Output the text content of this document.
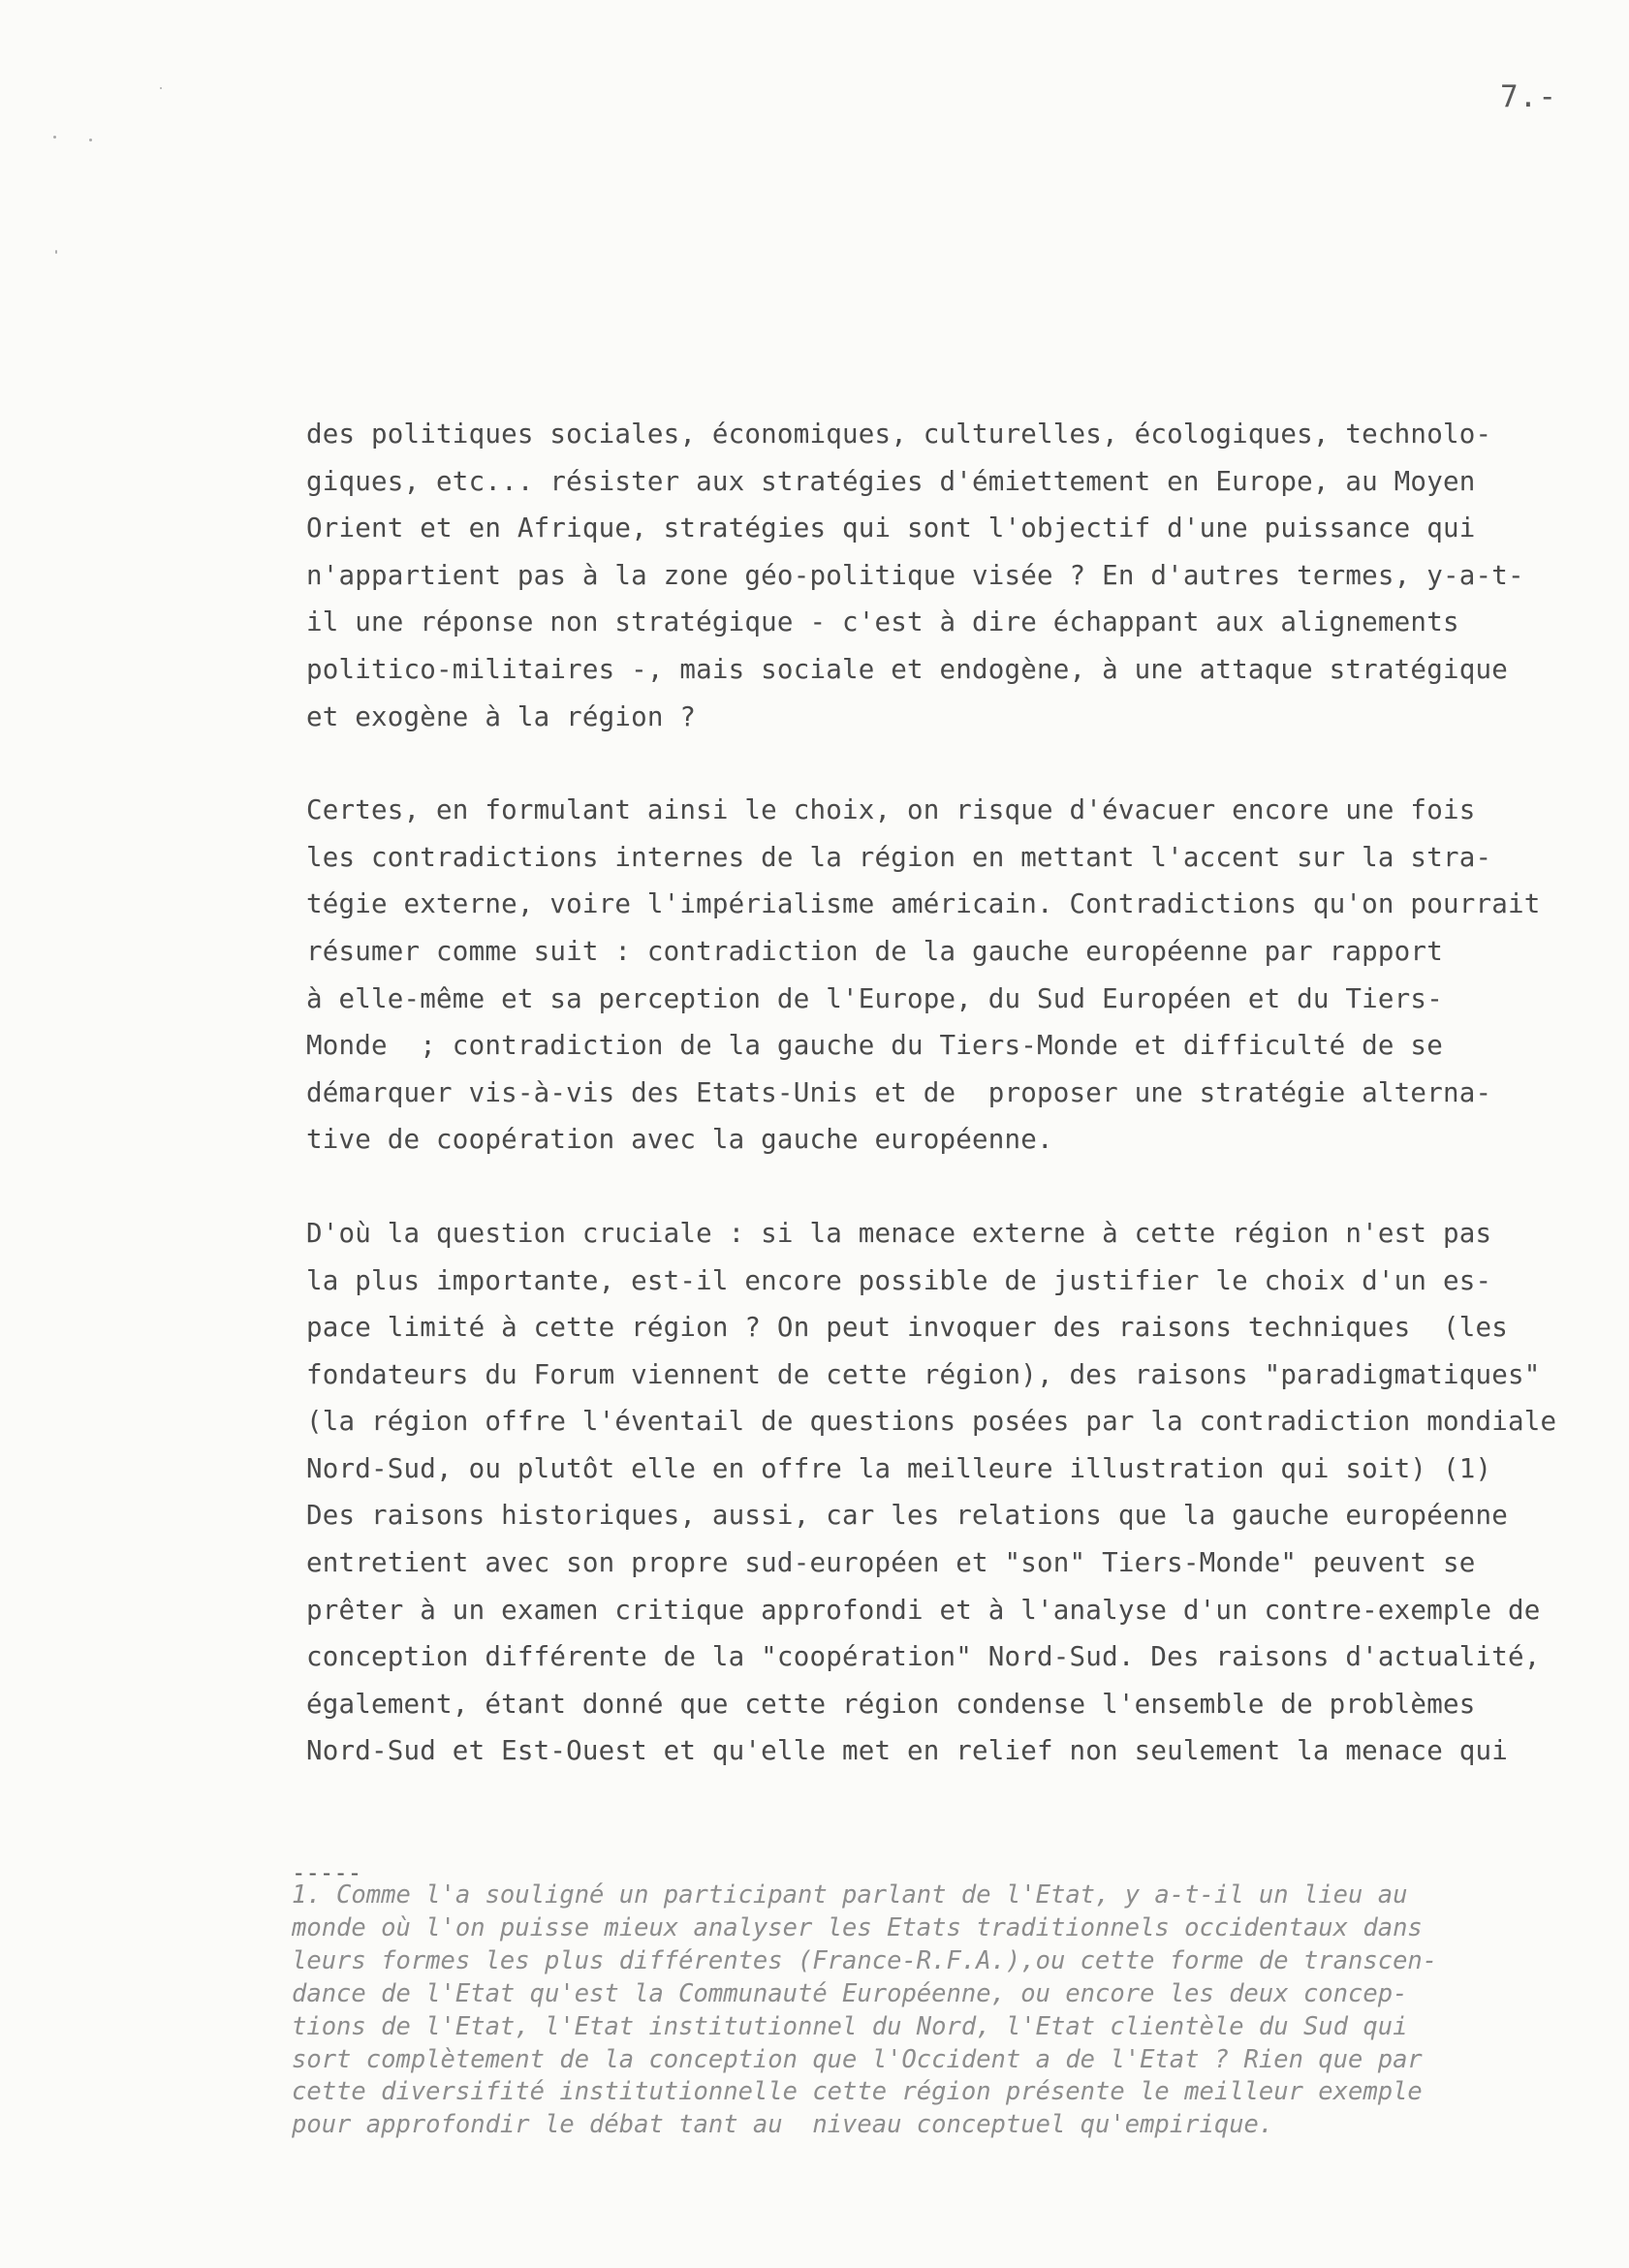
7.-
des politiques sociales, économiques, culturelles, écologiques, technolo-
giques, etc... résister aux stratégies d'émiettement en Europe, au Moyen
Orient et en Afrique, stratégies qui sont l'objectif d'une puissance qui
n'appartient pas à la zone géo-politique visée ? En d'autres termes, y-a-t-
il une réponse non stratégique - c'est à dire échappant aux alignements
politico-militaires -, mais sociale et endogène, à une attaque stratégique
et exogène à la région ?
Certes, en formulant ainsi le choix, on risque d'évacuer encore une fois
les contradictions internes de la région en mettant l'accent sur la stra-
tégie externe, voire l'impérialisme américain. Contradictions qu'on pourrait
résumer comme suit : contradiction de la gauche européenne par rapport
à elle-même et sa perception de l'Europe, du Sud Européen et du Tiers-
Monde  ; contradiction de la gauche du Tiers-Monde et difficulté de se
démarquer vis-à-vis des Etats-Unis et de  proposer une stratégie alterna-
tive de coopération avec la gauche européenne.
D'où la question cruciale : si la menace externe à cette région n'est pas
la plus importante, est-il encore possible de justifier le choix d'un es-
pace limité à cette région ? On peut invoquer des raisons techniques  (les
fondateurs du Forum viennent de cette région), des raisons "paradigmatiques"
(la région offre l'éventail de questions posées par la contradiction mondiale
Nord-Sud, ou plutôt elle en offre la meilleure illustration qui soit) (1)
Des raisons historiques, aussi, car les relations que la gauche européenne
entretient avec son propre sud-européen et "son" Tiers-Monde" peuvent se
prêter à un examen critique approfondi et à l'analyse d'un contre-exemple de
conception différente de la "coopération" Nord-Sud. Des raisons d'actualité,
également, étant donné que cette région condense l'ensemble de problèmes
Nord-Sud et Est-Ouest et qu'elle met en relief non seulement la menace qui
-----
1. Comme l'a souligné un participant parlant de l'Etat, y a-t-il un lieu au
monde où l'on puisse mieux analyser les Etats traditionnels occidentaux dans
leurs formes les plus différentes (France-R.F.A.),ou cette forme de transcen-
dance de l'Etat qu'est la Communauté Européenne, ou encore les deux concep-
tions de l'Etat, l'Etat institutionnel du Nord, l'Etat clientèle du Sud qui
sort complètement de la conception que l'Occident a de l'Etat ? Rien que par
cette diversifité institutionnelle cette région présente le meilleur exemple
pour approfondir le débat tant au  niveau conceptuel qu'empirique.
